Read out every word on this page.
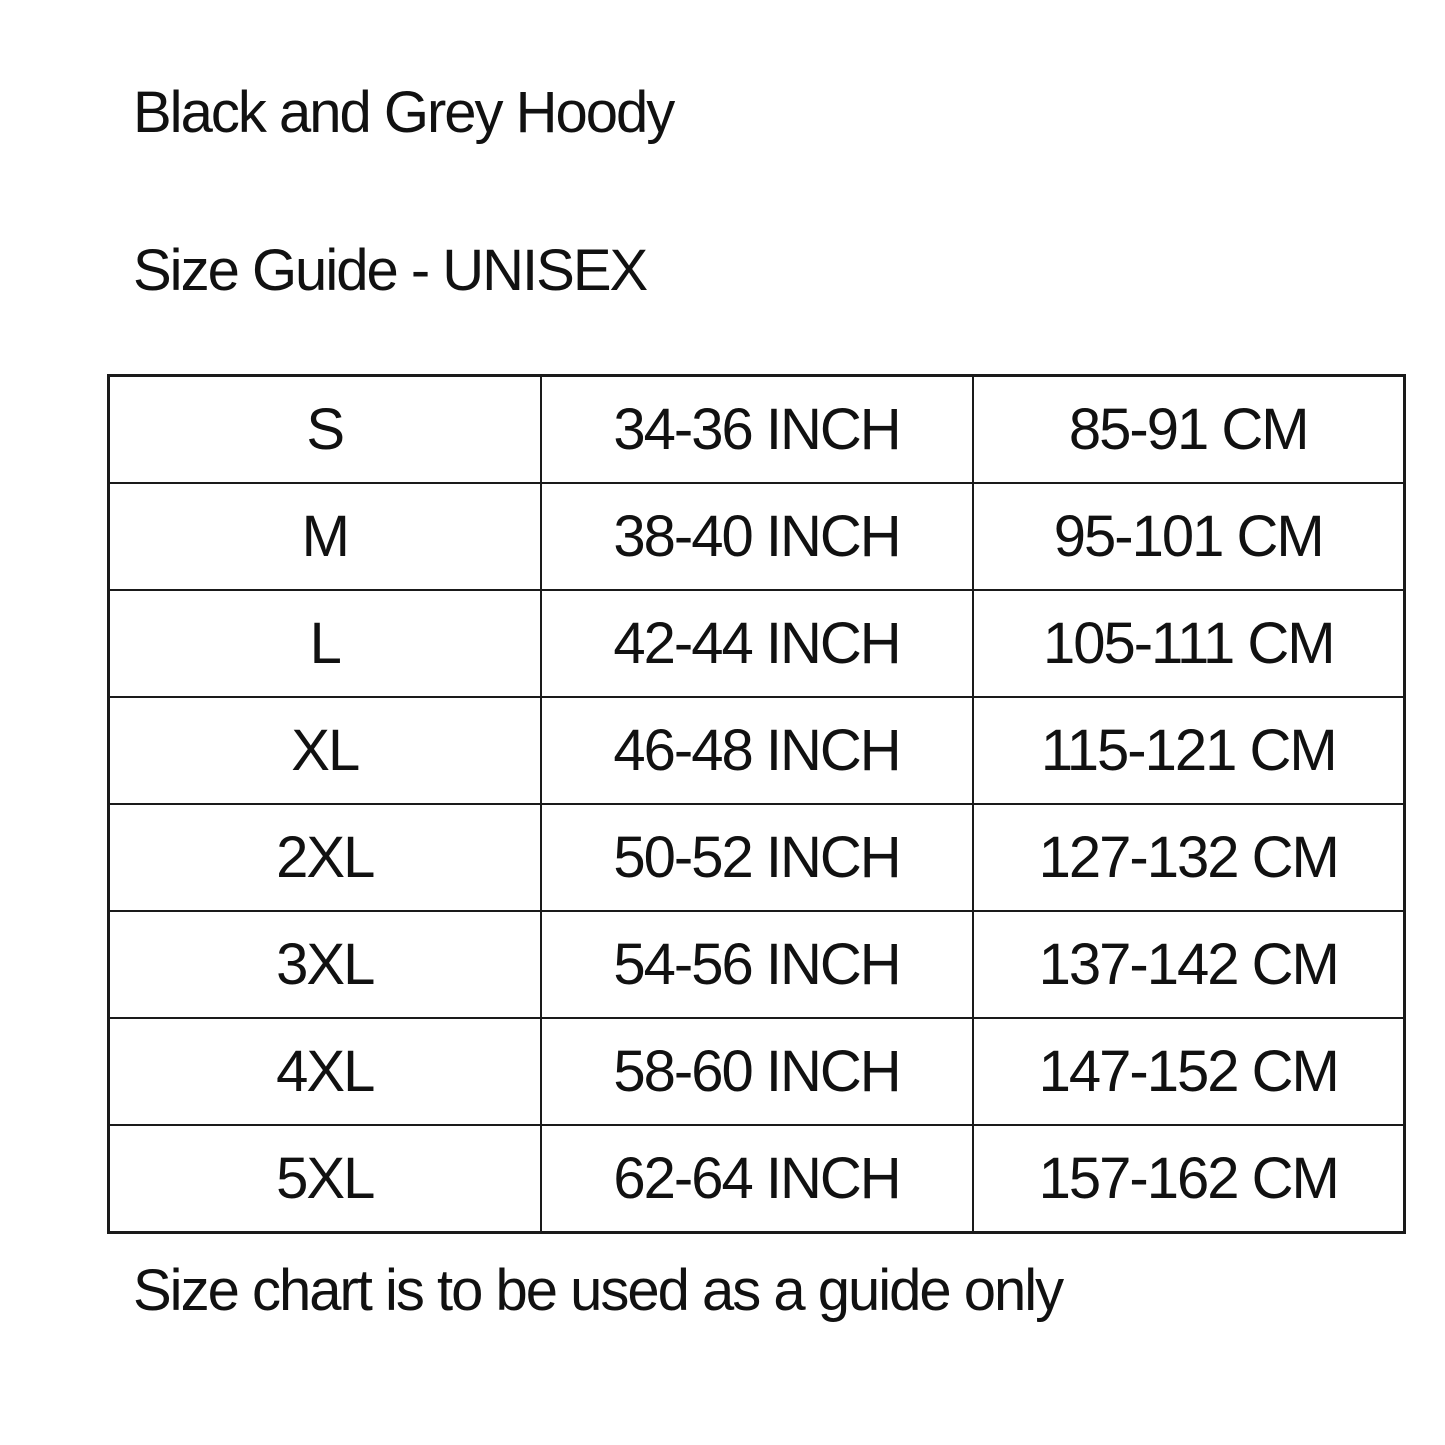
Black and Grey Hoody
Size Guide - UNISEX
S	34-36 INCH	85-91 CM
M	38-40 INCH	95-101 CM
L	42-44 INCH	105-111 CM
XL	46-48 INCH	115-121 CM
2XL	50-52 INCH	127-132 CM
3XL	54-56 INCH	137-142 CM
4XL	58-60 INCH	147-152 CM
5XL	62-64 INCH	157-162 CM
Size chart is to be used as a guide only
